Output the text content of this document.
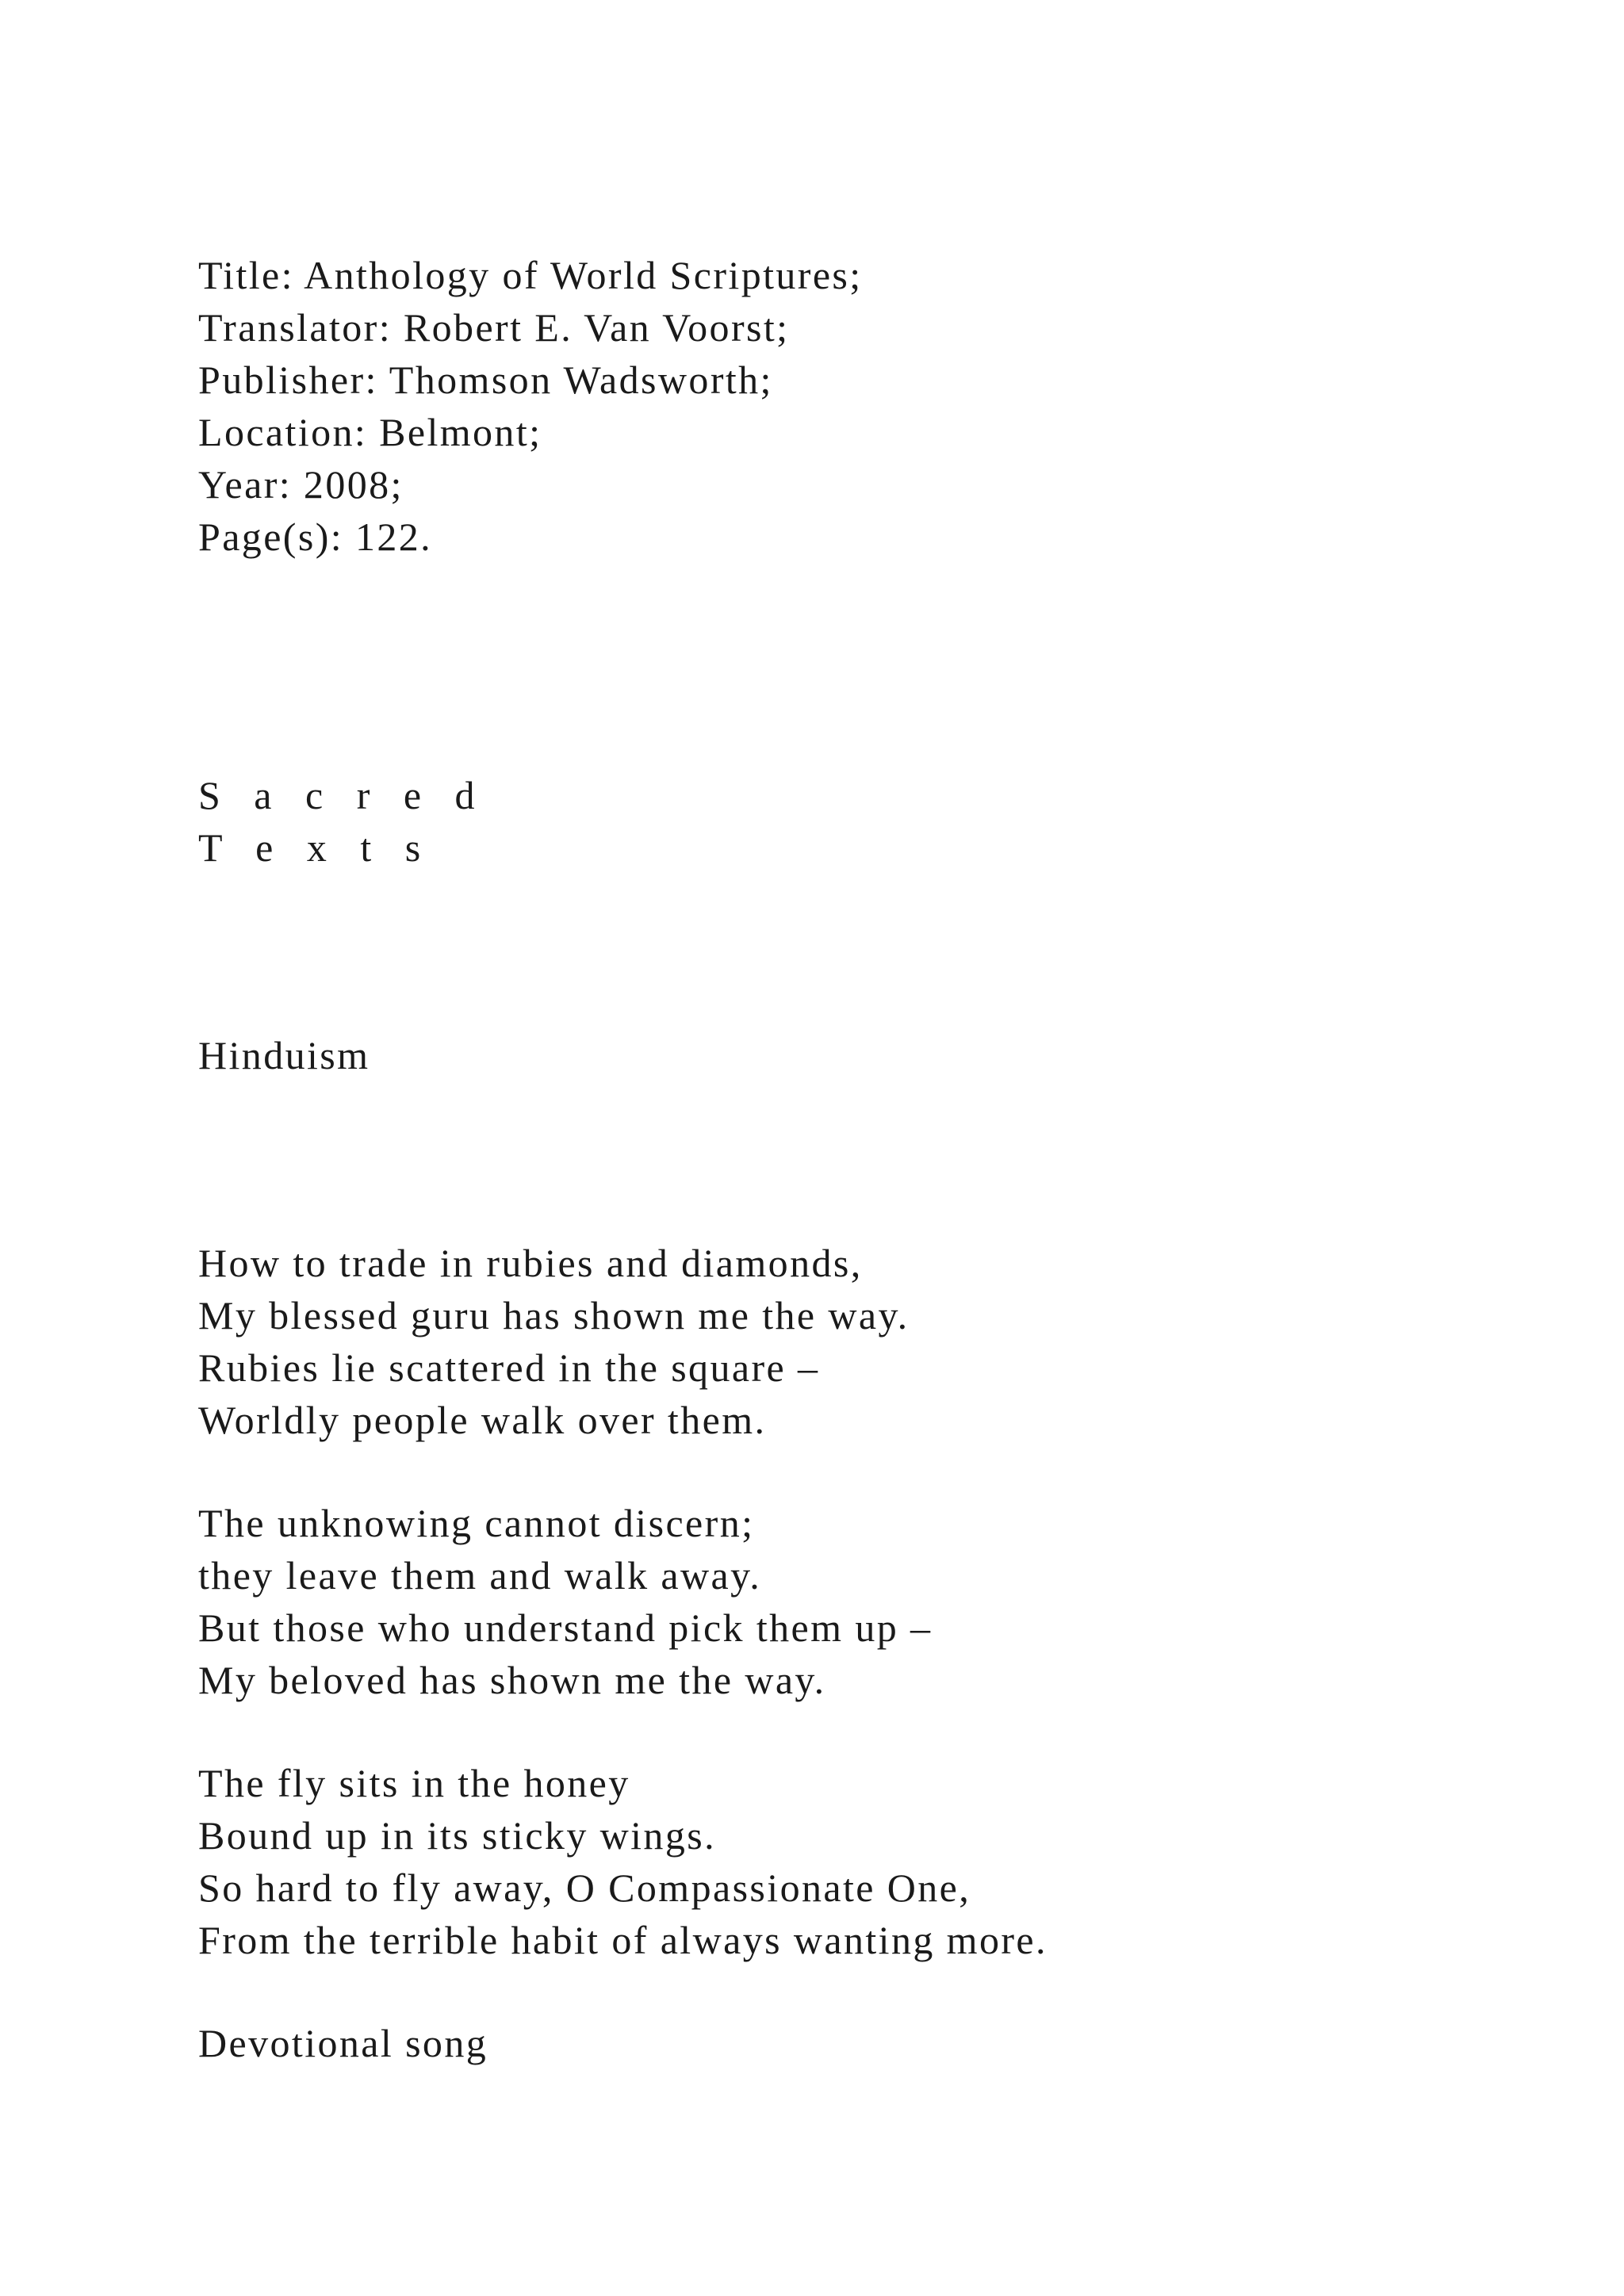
Title: Anthology of World Scriptures;
Translator: Robert E. Van Voorst;
Publisher: Thomson Wadsworth;
Location: Belmont;
Year: 2008;
Page(s): 122.
S a c r e d
T e x t s
Hinduism
How to trade in rubies and diamonds,
My blessed guru has shown me the way.
Rubies lie scattered in the square –
Worldly people walk over them.
The unknowing cannot discern;
they leave them and walk away.
But those who understand pick them up –
My beloved has shown me the way.
The fly sits in the honey
Bound up in its sticky wings.
So hard to fly away, O Compassionate One,
From the terrible habit of always wanting more.
Devotional song
